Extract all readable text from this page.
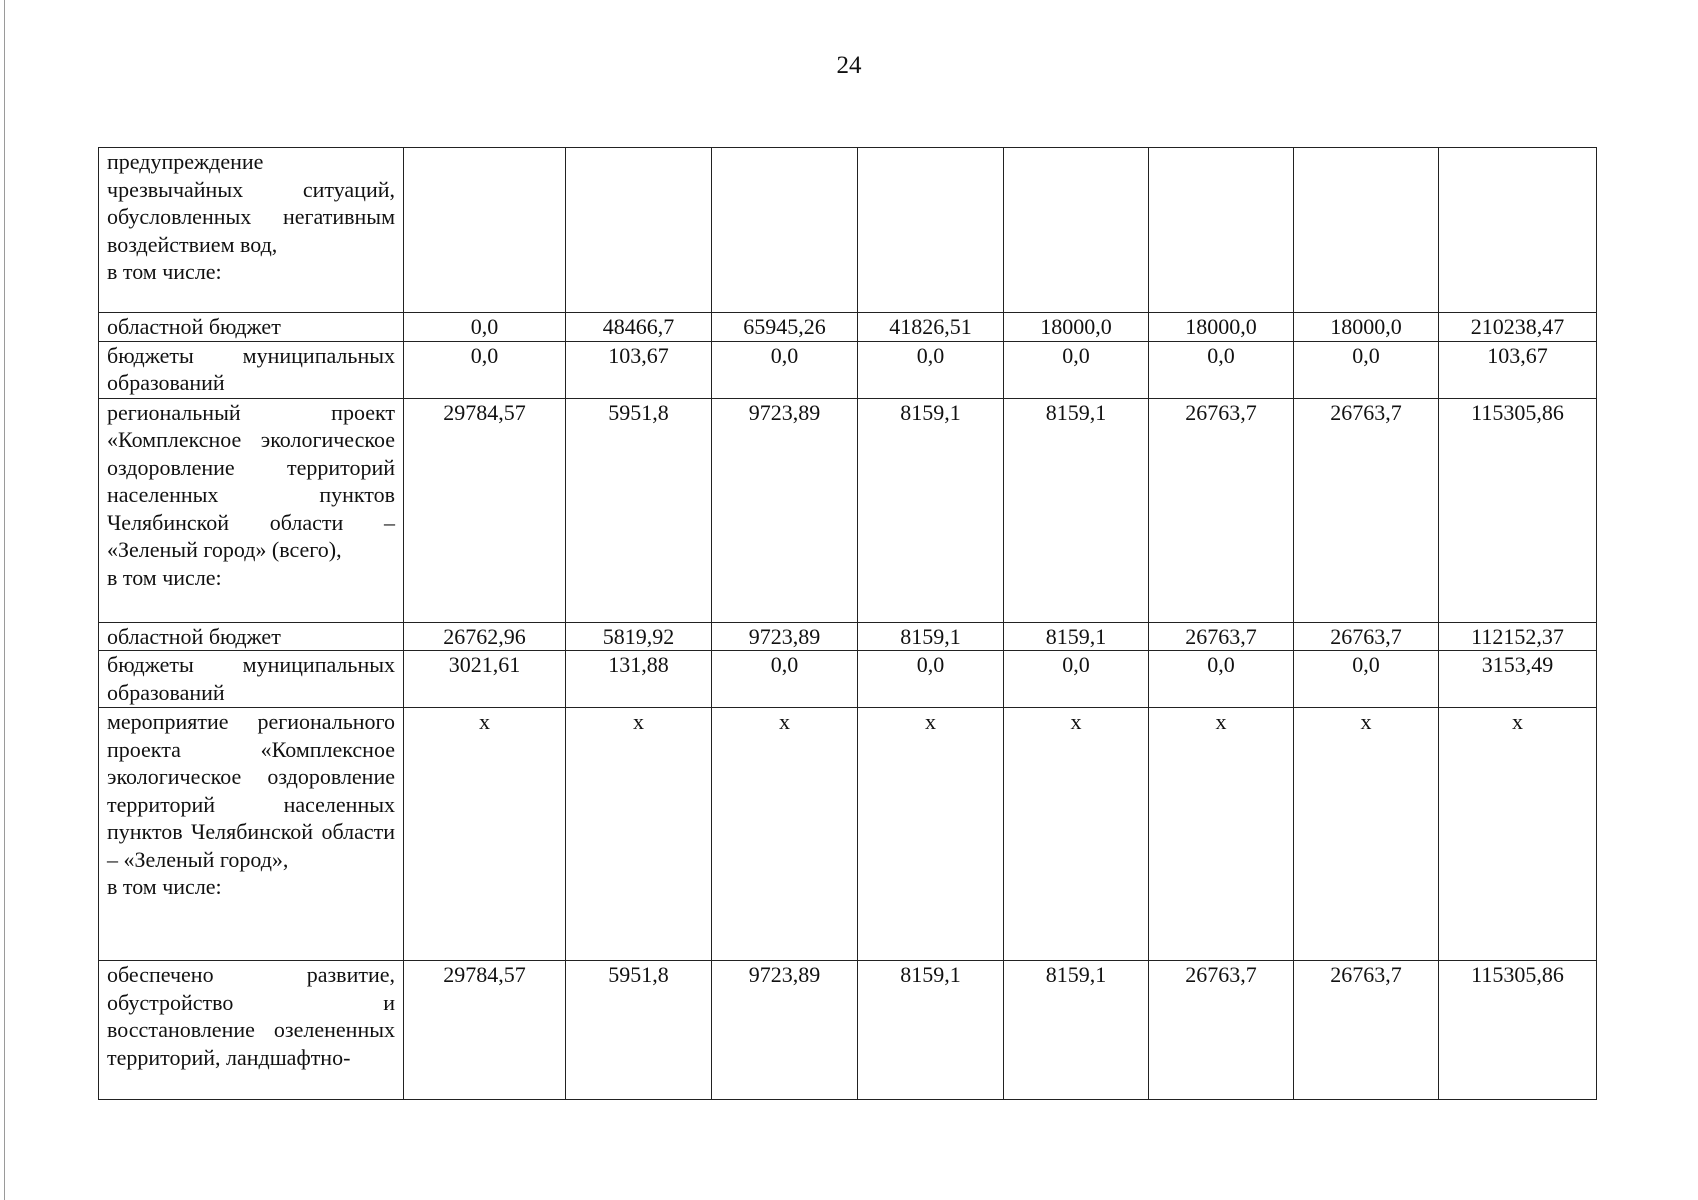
24
предупреждение чрезвычайных ситуаций, обусловленных негативным воздействием вод,
в том числе:								
областной бюджет	0,0	48466,7	65945,26	41826,51	18000,0	18000,0	18000,0	210238,47
бюджеты муниципальных образований	0,0	103,67	0,0	0,0	0,0	0,0	0,0	103,67
региональный проект «Комплексное экологическое оздоровление территорий населенных пунктов Челябинской области – «Зеленый город» (всего),
в том числе:	29784,57	5951,8	9723,89	8159,1	8159,1	26763,7	26763,7	115305,86
областной бюджет	26762,96	5819,92	9723,89	8159,1	8159,1	26763,7	26763,7	112152,37
бюджеты муниципальных образований	3021,61	131,88	0,0	0,0	0,0	0,0	0,0	3153,49
мероприятие регионального проекта «Комплексное экологическое оздоровление территорий населенных пунктов Челябинской области – «Зеленый город»,
в том числе:	х	х	х	х	х	х	х	х
обеспечено развитие, обустройство и восстановление озелененных территорий, ландшафтно-	29784,57	5951,8	9723,89	8159,1	8159,1	26763,7	26763,7	115305,86
